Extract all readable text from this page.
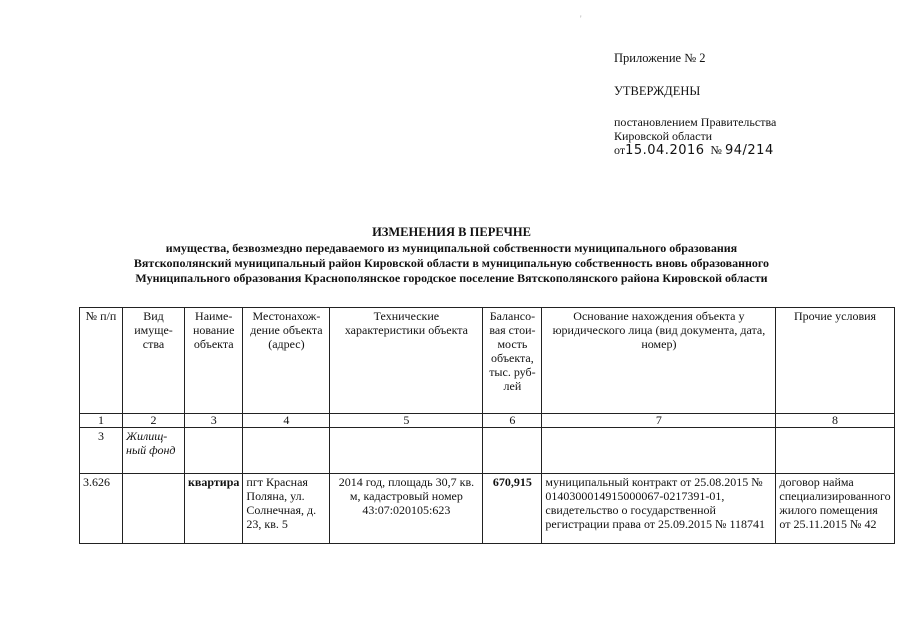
'
Приложение № 2
УТВЕРЖДЕНЫ
постановлением Правительства
Кировской области
от15.04.2016 № 94/214
ИЗМЕНЕНИЯ В ПЕРЕЧНЕ
имущества, безвозмездно передаваемого из муниципальной собственности муниципального образования
Вятскополянский муниципальный район Кировской области в муниципальную собственность вновь образованного
Муниципального образования Краснополянское городское поселение Вятскополянского района Кировской области
№ п/п	Вид имуще-ства	Наиме-нование объекта	Местонахож-дение объекта (адрес)	Технические характеристики объекта	Балансо-вая стои-мость объекта, тыс. руб-лей	Основание нахождения объекта у юридического лица (вид документа, дата, номер)	Прочие условия
1	2	3	4	5	6	7	8
3	Жилищ-ный фонд						
3.626		квартира	пгт Красная Поляна, ул. Солнечная, д. 23, кв. 5	2014 год, площадь 30,7 кв. м, кадастровый номер 43:07:020105:623	670,915	муниципальный контракт от 25.08.2015 № 0140300014915000067-0217391-01, свидетельство о государственной регистрации права от 25.09.2015 № 118741	договор найма специализированного жилого помещения от 25.11.2015 № 42
